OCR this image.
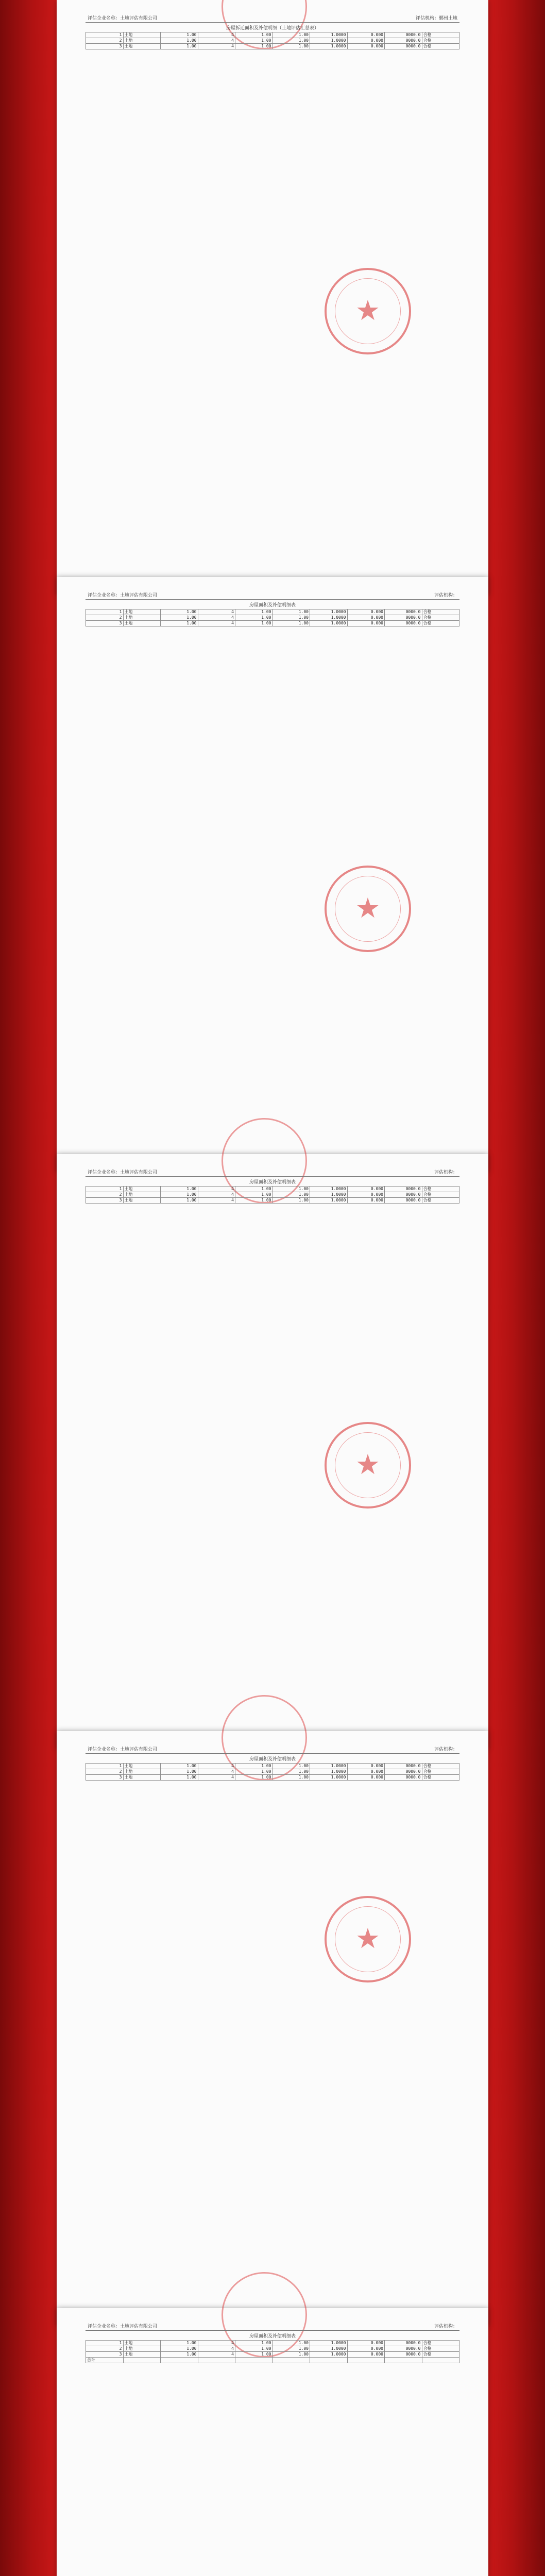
评估企业名称：土地评估有限公司	评估机构：鄞州土地
房屋拆迁面积及补偿明细（土地评估汇总表）
1	土地	1.00	4	1.00	1.00	1.0000	0.000	0000.0	合格
2	土地	1.00	4	1.00	1.00	1.0000	0.000	0000.0	合格
3	土地	1.00	4	1.00	1.00	1.0000	0.000	0000.0	合格
★
评估企业名称：土地评估有限公司	评估机构：
房屋面积及补偿明细表
1	土地	1.00	4	1.00	1.00	1.0000	0.000	0000.0	合格
2	土地	1.00	4	1.00	1.00	1.0000	0.000	0000.0	合格
3	土地	1.00	4	1.00	1.00	1.0000	0.000	0000.0	合格
★
评估企业名称：土地评估有限公司	评估机构：
房屋面积及补偿明细表
1	土地	1.00	4	1.00	1.00	1.0000	0.000	0000.0	合格
2	土地	1.00	4	1.00	1.00	1.0000	0.000	0000.0	合格
3	土地	1.00	4	1.00	1.00	1.0000	0.000	0000.0	合格
★
评估企业名称：土地评估有限公司	评估机构：
房屋面积及补偿明细表
1	土地	1.00	4	1.00	1.00	1.0000	0.000	0000.0	合格
2	土地	1.00	4	1.00	1.00	1.0000	0.000	0000.0	合格
3	土地	1.00	4	1.00	1.00	1.0000	0.000	0000.0	合格
★
评估企业名称：土地评估有限公司	评估机构：
房屋面积及补偿明细表
1	土地	1.00	4	1.00	1.00	1.0000	0.000	0000.0	合格
2	土地	1.00	4	1.00	1.00	1.0000	0.000	0000.0	合格
3	土地	1.00	4	1.00	1.00	1.0000	0.000	0000.0	合格
合计									
